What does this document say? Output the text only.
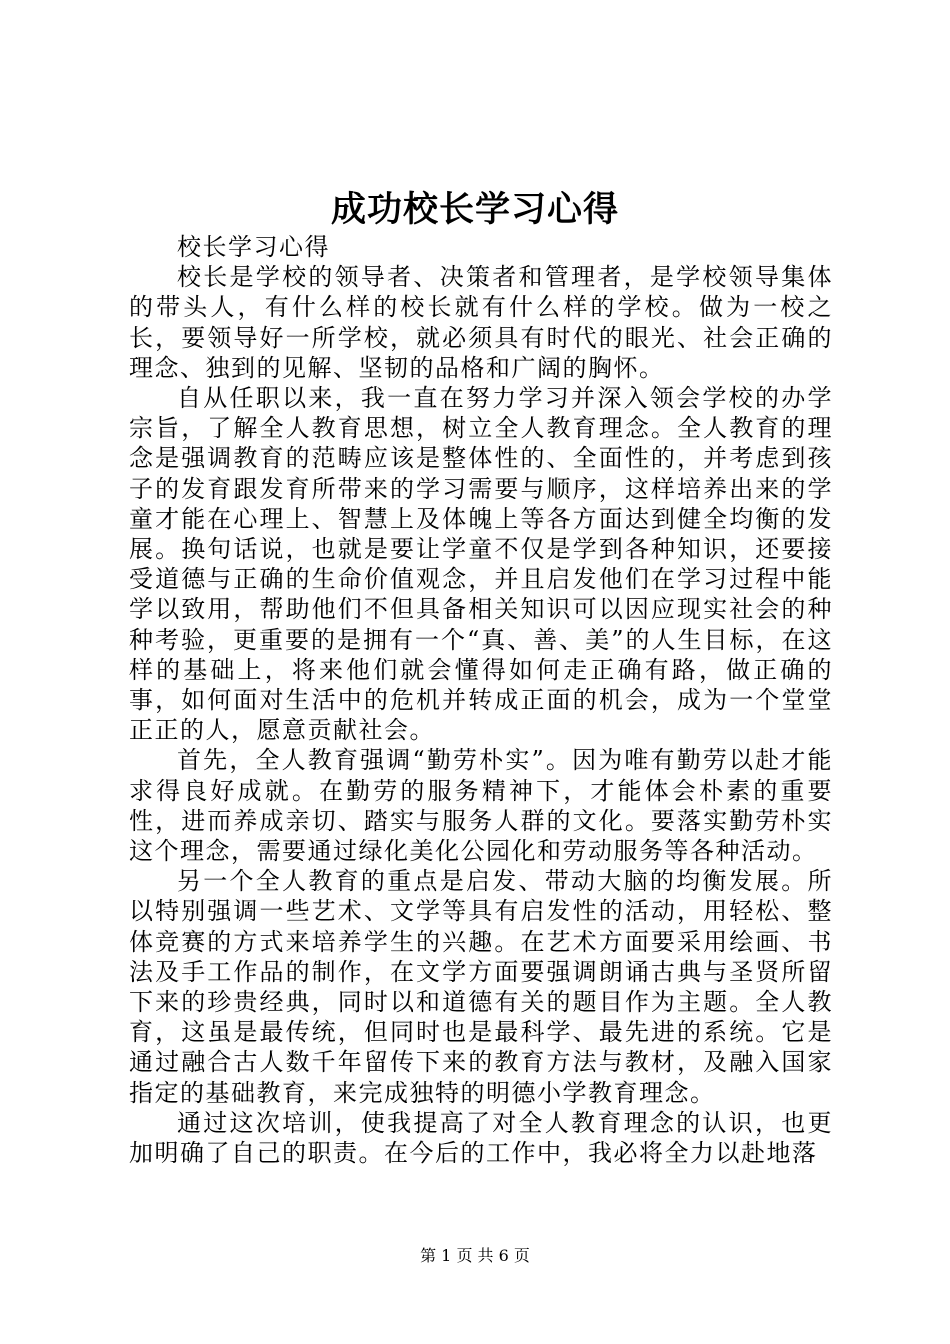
成功校长学习心得

校长学习心得

校长是学校的领导者、决策者和管理者，是学校领导集体的带头人，有什么样的校长就有什么样的学校。做为一校之长，要领导好一所学校，就必须具有时代的眼光、社会正确的理念、独到的见解、坚韧的品格和广阔的胸怀。

自从任职以来，我一直在努力学习并深入领会学校的办学宗旨，了解全人教育思想，树立全人教育理念。全人教育的理念是强调教育的范畴应该是整体性的、全面性的，并考虑到孩子的发育跟发育所带来的学习需要与顺序，这样培养出来的学童才能在心理上、智慧上及体魄上等各方面达到健全均衡的发展。换句话说，也就是要让学童不仅是学到各种知识，还要接受道德与正确的生命价值观念，并且启发他们在学习过程中能学以致用，帮助他们不但具备相关知识可以因应现实社会的种种考验，更重要的是拥有一个“真、善、美”的人生目标，在这样的基础上，将来他们就会懂得如何走正确有路，做正确的事，如何面对生活中的危机并转成正面的机会，成为一个堂堂正正的人，愿意贡献社会。

首先，全人教育强调“勤劳朴实”。因为唯有勤劳以赴才能求得良好成就。在勤劳的服务精神下，才能体会朴素的重要性，进而养成亲切、踏实与服务人群的文化。要落实勤劳朴实这个理念，需要通过绿化美化公园化和劳动服务等各种活动。

另一个全人教育的重点是启发、带动大脑的均衡发展。所以特别强调一些艺术、文学等具有启发性的活动，用轻松、整体竞赛的方式来培养学生的兴趣。在艺术方面要采用绘画、书法及手工作品的制作，在文学方面要强调朗诵古典与圣贤所留下来的珍贵经典，同时以和道德有关的题目作为主题。全人教育，这虽是最传统，但同时也是最科学、最先进的系统。它是通过融合古人数千年留传下来的教育方法与教材，及融入国家指定的基础教育，来完成独特的明德小学教育理念。

通过这次培训，使我提高了对全人教育理念的认识，也更加明确了自己的职责。在今后的工作中，我必将全力以赴地落

第 1 页 共 6 页
